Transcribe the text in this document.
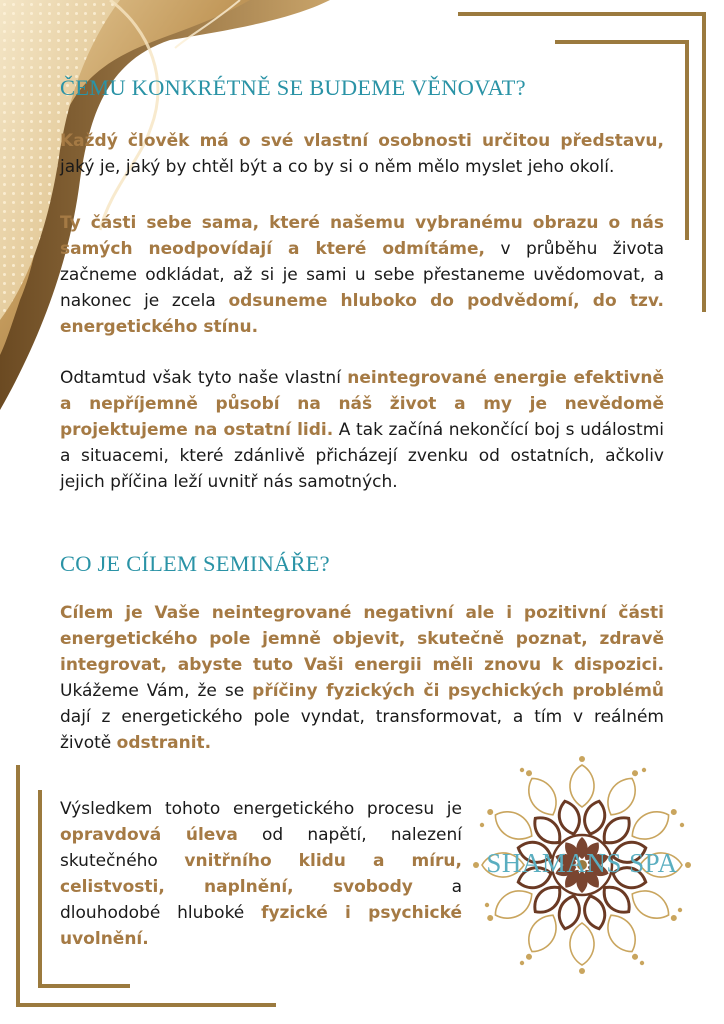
ČEMU KONKRÉTNĚ SE BUDEME VĚNOVAT?

Každý člověk má o své vlastní osobnosti určitou představu, jaký je, jaký by chtěl být a co by si o něm mělo myslet jeho okolí.

Ty části sebe sama, které našemu vybranému obrazu o nás samých neodpovídají a které odmítáme, v průběhu života začneme odkládat, až si je sami u sebe přestaneme uvědomovat, a nakonec je zcela odsuneme hluboko do podvědomí, do tzv. energetického stínu.

Odtamtud však tyto naše vlastní neintegrované energie efektivně a nepříjemně působí na náš život a my je nevědomě projektujeme na ostatní lidi. A tak začíná nekončící boj s událostmi a situacemi, které zdánlivě přicházejí zvenku od ostatních, ačkoliv jejich příčina leží uvnitř nás samotných.

CO JE CÍLEM SEMINÁŘE?

Cílem je Vaše neintegrované negativní ale i pozitivní části energetického pole jemně objevit, skutečně poznat, zdravě integrovat, abyste tuto Vaši energii měli znovu k dispozici. Ukážeme Vám, že se příčiny fyzických či psychických problémů dají z energetického pole vyndat, transformovat, a tím v reálném životě odstranit.

Výsledkem tohoto energetického procesu je opravdová úleva od napětí, nalezení skutečného vnitřního klidu a míru, celistvosti, naplnění, svobody a dlouhodobé hluboké fyzické i psychické uvolnění.

SHAMANS SPA
